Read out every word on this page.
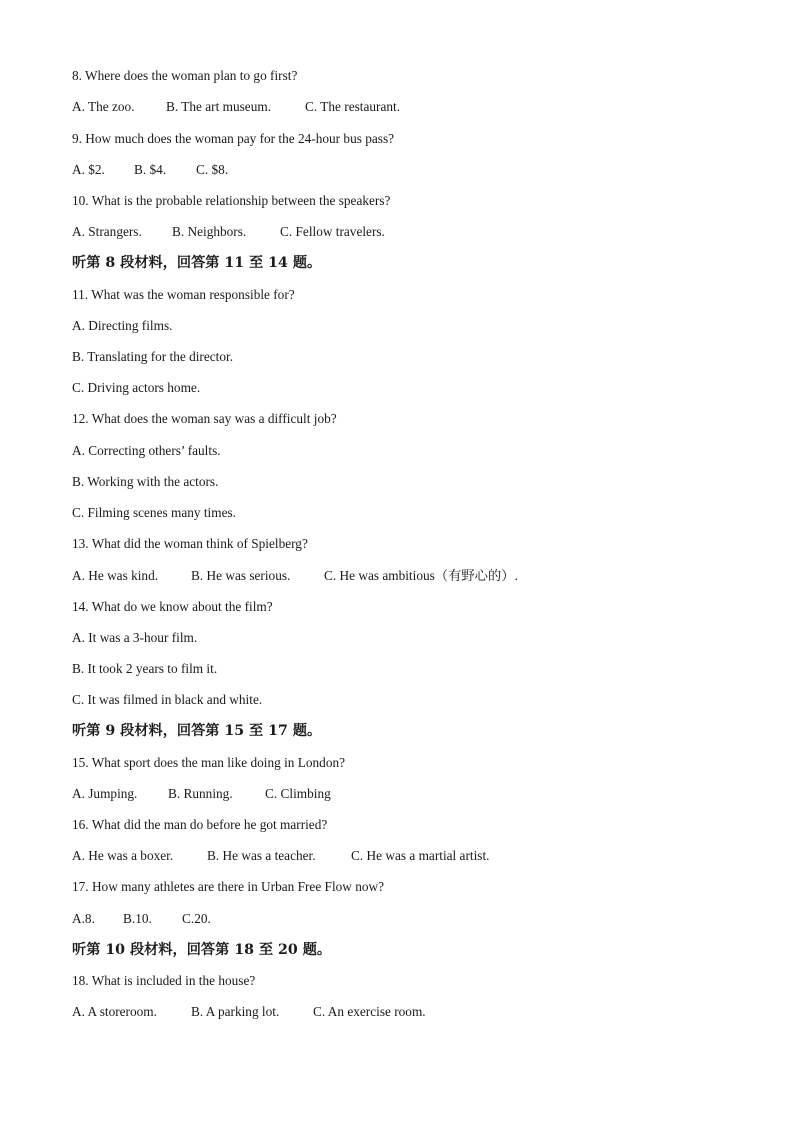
8. Where does the woman plan to go first?
A. The zoo.	B. The art museum.	C. The restaurant.
9. How much does the woman pay for the 24-hour bus pass?
A. $2.	B. $4.	C. $8.
10. What is the probable relationship between the speakers?
A. Strangers.	B. Neighbors.	C. Fellow travelers.
听第 8 段材料，回答第 11 至 14 题。
11. What was the woman responsible for?
A. Directing films.
B. Translating for the director.
C. Driving actors home.
12. What does the woman say was a difficult job?
A. Correcting others’ faults.
B. Working with the actors.
C. Filming scenes many times.
13. What did the woman think of Spielberg?
A. He was kind.	B. He was serious.	C. He was ambitious（有野心的）.
14. What do we know about the film?
A. It was a 3-hour film.
B. It took 2 years to film it.
C. It was filmed in black and white.
听第 9 段材料，回答第 15 至 17 题。
15. What sport does the man like doing in London?
A. Jumping.	B. Running.	C. Climbing
16. What did the man do before he got married?
A. He was a boxer.	B. He was a teacher.	C. He was a martial artist.
17. How many athletes are there in Urban Free Flow now?
A.8.	B.10.	C.20.
听第 10 段材料，回答第 18 至 20 题。
18. What is included in the house?
A. A storeroom.	B. A parking lot.	C. An exercise room.
